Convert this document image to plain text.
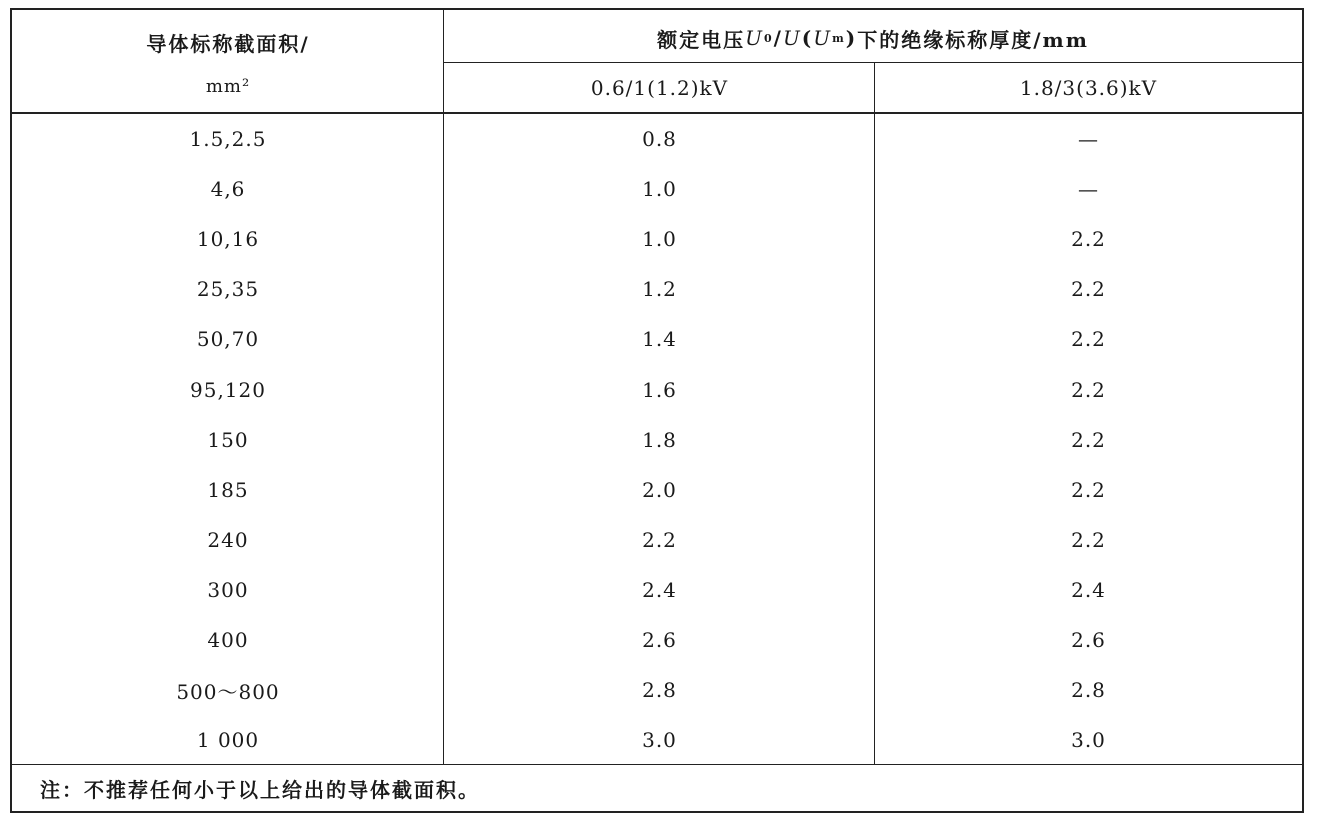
导体标称截面积/
mm²
额定电压 U 0 / U ( U m ) 下的绝缘标称厚度/mm
0.6/1(1.2)kV	1.8/3(3.6)kV
1.5,2.5	0.8	—
4,6	1.0	—
10,16	1.0	2.2
25,35	1.2	2.2
50,70	1.4	2.2
95,120	1.6	2.2
150	1.8	2.2
185	2.0	2.2
240	2.2	2.2
300	2.4	2.4
400	2.6	2.6
500～800	2.8	2.8
1 000	3.0	3.0
注：不推荐任何小于以上给出的导体截面积。
